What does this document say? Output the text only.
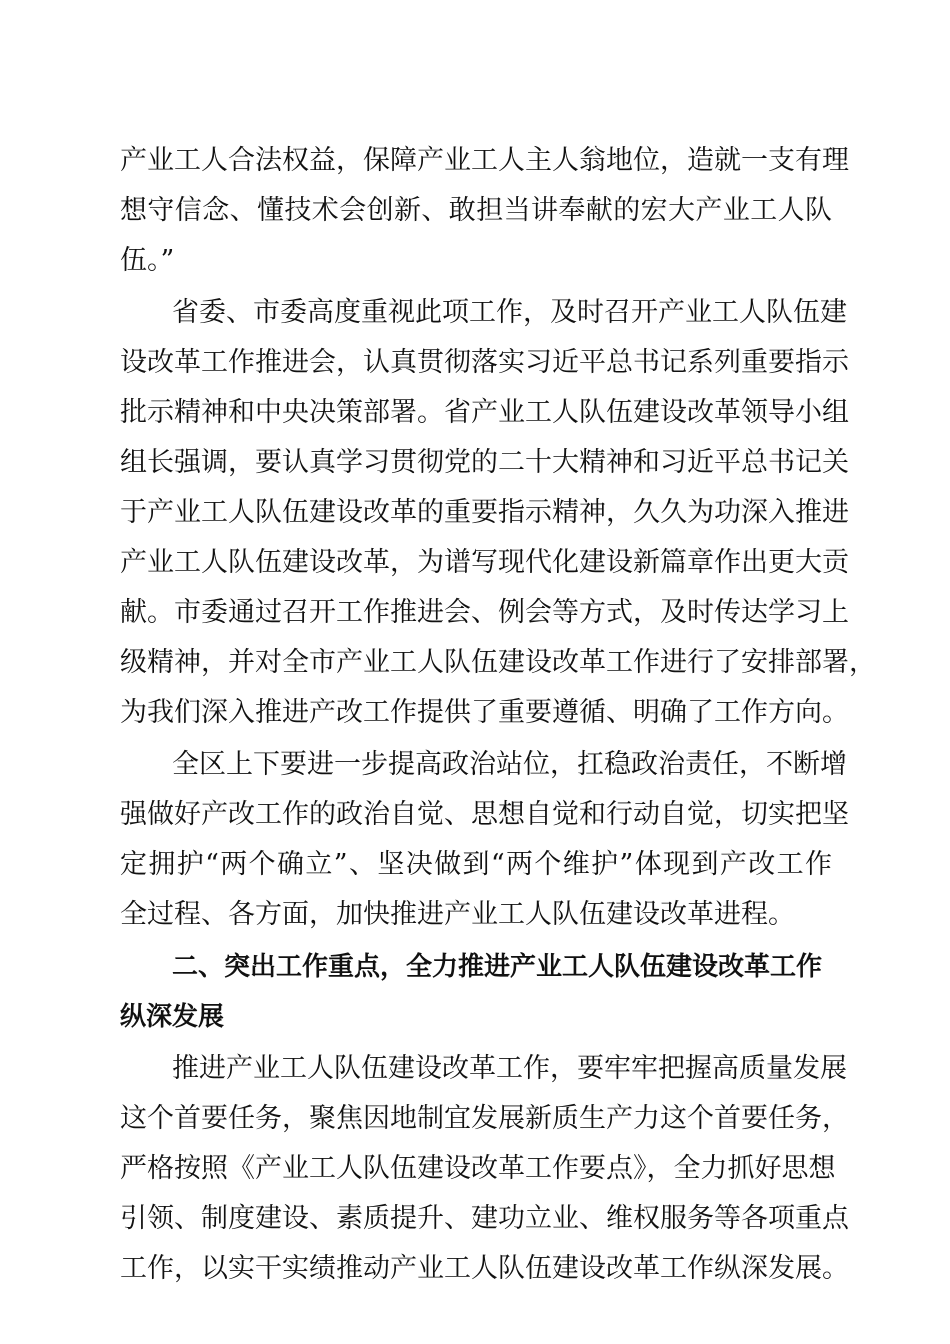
产业工人合法权益，保障产业工人主人翁地位，造就一支有理
想守信念、懂技术会创新、敢担当讲奉献的宏大产业工人队
伍。”
省委、市委高度重视此项工作，及时召开产业工人队伍建
设改革工作推进会，认真贯彻落实习近平总书记系列重要指示
批示精神和中央决策部署。省产业工人队伍建设改革领导小组
组长强调，要认真学习贯彻党的二十大精神和习近平总书记关
于产业工人队伍建设改革的重要指示精神，久久为功深入推进
产业工人队伍建设改革，为谱写现代化建设新篇章作出更大贡
献。市委通过召开工作推进会、例会等方式，及时传达学习上
级精神，并对全市产业工人队伍建设改革工作进行了安排部署，
为我们深入推进产改工作提供了重要遵循、明确了工作方向。
全区上下要进一步提高政治站位，扛稳政治责任，不断增
强做好产改工作的政治自觉、思想自觉和行动自觉，切实把坚
定拥护“两个确立”、坚决做到“两个维护”体现到产改工作
全过程、各方面，加快推进产业工人队伍建设改革进程。
二、突出工作重点，全力推进产业工人队伍建设改革工作
纵深发展
推进产业工人队伍建设改革工作，要牢牢把握高质量发展
这个首要任务，聚焦因地制宜发展新质生产力这个首要任务，
严格按照《产业工人队伍建设改革工作要点》，全力抓好思想
引领、制度建设、素质提升、建功立业、维权服务等各项重点
工作，以实干实绩推动产业工人队伍建设改革工作纵深发展。
